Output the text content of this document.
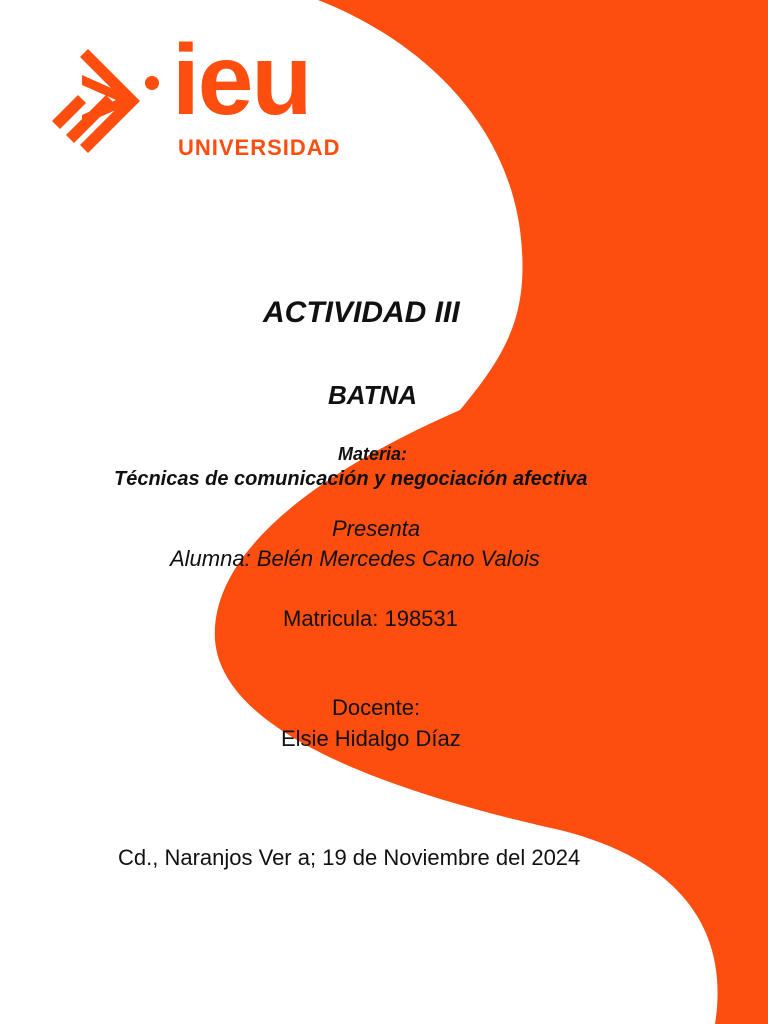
ieu
UNIVERSIDAD
ACTIVIDAD III
BATNA
Materia:
Técnicas de comunicación y negociación afectiva
Presenta
Alumna: Belén Mercedes Cano Valois
Matricula: 198531
Docente:
Elsie Hidalgo Díaz
Cd., Naranjos Ver a; 19 de Noviembre del 2024
